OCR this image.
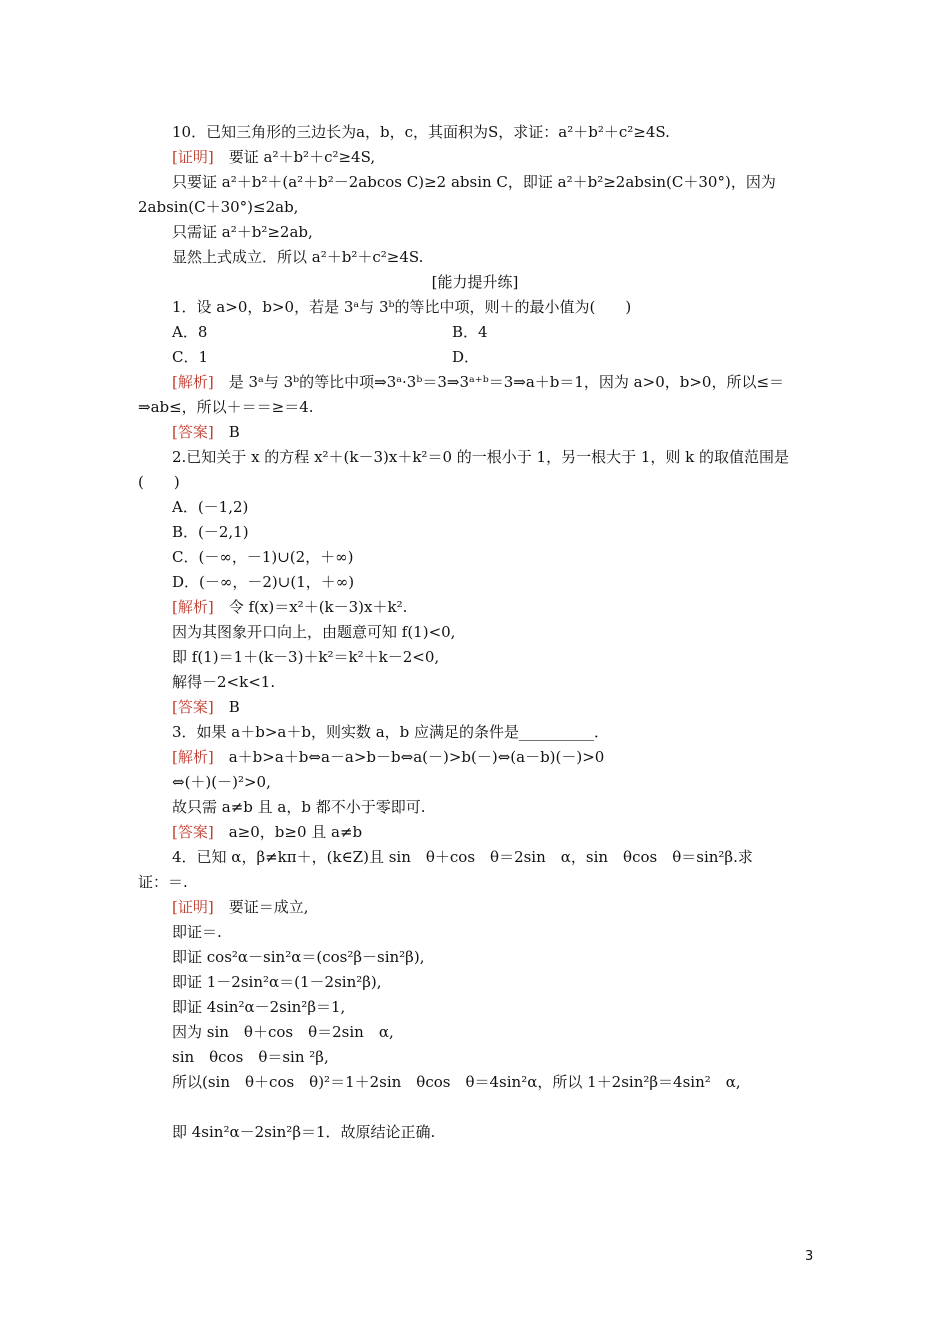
10．已知三角形的三边长为a，b，c，其面积为S，求证：a²＋b²＋c²≥4S.
[证明]　 要证 a²＋b²＋c²≥4S,
只要证 a²＋b²＋(a²＋b²－2abcos C)≥2 absin C，即证 a²＋b²≥2absin(C＋30°)，因为
2absin(C＋30°)≤2ab,
只需证 a²＋b²≥2ab,
显然上式成立．所以 a²＋b²＋c²≥4S.
[能力提升练]
1．设 a>0，b>0，若是 3ᵃ与 3ᵇ的等比中项，则＋的最小值为(　　)
A．8	B．4
C．1	D．
[解析]　 是 3ᵃ与 3ᵇ的等比中项⇒3ᵃ·3ᵇ＝3⇒3ᵃ⁺ᵇ＝3⇒a＋b＝1，因为 a>0，b>0，所以≤＝
⇒ab≤，所以＋＝＝≥＝4.
[答案]　 B
2.已知关于 x 的方程 x²＋(k－3)x＋k²＝0 的一根小于 1，另一根大于 1，则 k 的取值范围是
(　　)
A．(－1,2)
B．(－2,1)
C．(－∞，－1)∪(2，＋∞)
D．(－∞，－2)∪(1，＋∞)
[解析]　 令 f(x)＝x²＋(k－3)x＋k².
因为其图象开口向上，由题意可知 f(1)<0,
即 f(1)＝1＋(k－3)＋k²＝k²＋k－2<0,
解得－2<k<1.
[答案]　 B
3．如果 a＋b>a＋b，则实数 a，b 应满足的条件是__________．
[解析]　 a＋b>a＋b⇔a－a>b－b⇔a(－)>b(－)⇔(a－b)(－)>0
⇔(＋)(－)²>0,
故只需 a≠b 且 a，b 都不小于零即可.
[答案]　 a≥0，b≥0 且 a≠b
4．已知 α，β≠kπ＋，(k∈Z)且 sin　θ＋cos　θ＝2sin　α，sin　θcos　θ＝sin²β.求
证：＝.
[证明]　 要证＝成立,
即证＝.
即证 cos²α－sin²α＝(cos²β－sin²β),
即证 1－2sin²α＝(1－2sin²β),
即证 4sin²α－2sin²β＝1,
因为 sin　θ＋cos　θ＝2sin　α,
sin　θcos　θ＝sin ²β,
所以(sin　θ＋cos　θ)²＝1＋2sin　θcos　θ＝4sin²α，所以 1＋2sin²β＝4sin²　α,
即 4sin²α－2sin²β＝1．故原结论正确.
3
